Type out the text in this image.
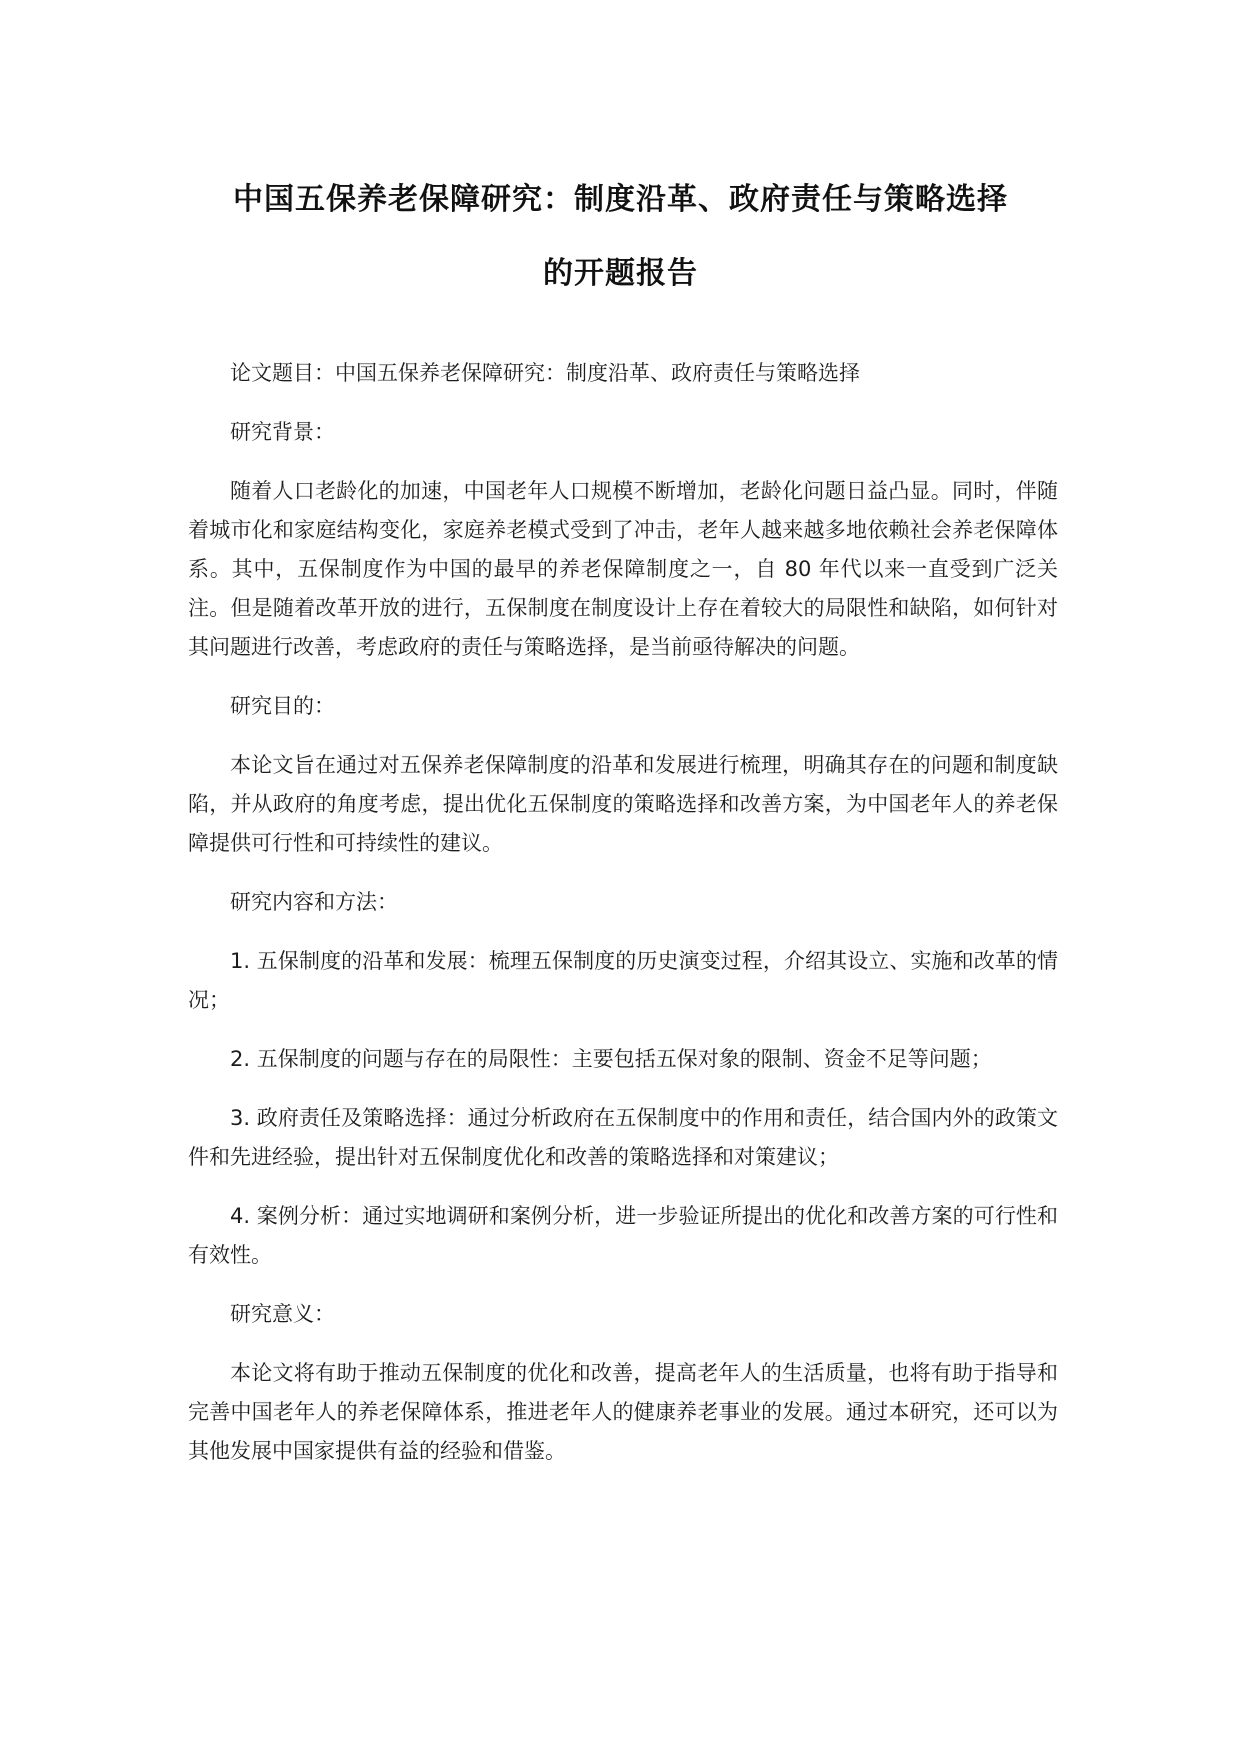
中国五保养老保障研究：制度沿革、政府责任与策略选择
的开题报告

论文题目：中国五保养老保障研究：制度沿革、政府责任与策略选择

研究背景：

随着人口老龄化的加速，中国老年人口规模不断增加，老龄化问题日益凸显。同时，伴随着城市化和家庭结构变化，家庭养老模式受到了冲击，老年人越来越多地依赖社会养老保障体系。其中，五保制度作为中国的最早的养老保障制度之一，自 80 年代以来一直受到广泛关注。但是随着改革开放的进行，五保制度在制度设计上存在着较大的局限性和缺陷，如何针对其问题进行改善，考虑政府的责任与策略选择，是当前亟待解决的问题。

研究目的：

本论文旨在通过对五保养老保障制度的沿革和发展进行梳理，明确其存在的问题和制度缺陷，并从政府的角度考虑，提出优化五保制度的策略选择和改善方案，为中国老年人的养老保障提供可行性和可持续性的建议。

研究内容和方法：

1. 五保制度的沿革和发展：梳理五保制度的历史演变过程，介绍其设立、实施和改革的情况；

2. 五保制度的问题与存在的局限性：主要包括五保对象的限制、资金不足等问题；

3. 政府责任及策略选择：通过分析政府在五保制度中的作用和责任，结合国内外的政策文件和先进经验，提出针对五保制度优化和改善的策略选择和对策建议；

4. 案例分析：通过实地调研和案例分析，进一步验证所提出的优化和改善方案的可行性和有效性。

研究意义：

本论文将有助于推动五保制度的优化和改善，提高老年人的生活质量，也将有助于指导和完善中国老年人的养老保障体系，推进老年人的健康养老事业的发展。通过本研究，还可以为其他发展中国家提供有益的经验和借鉴。
